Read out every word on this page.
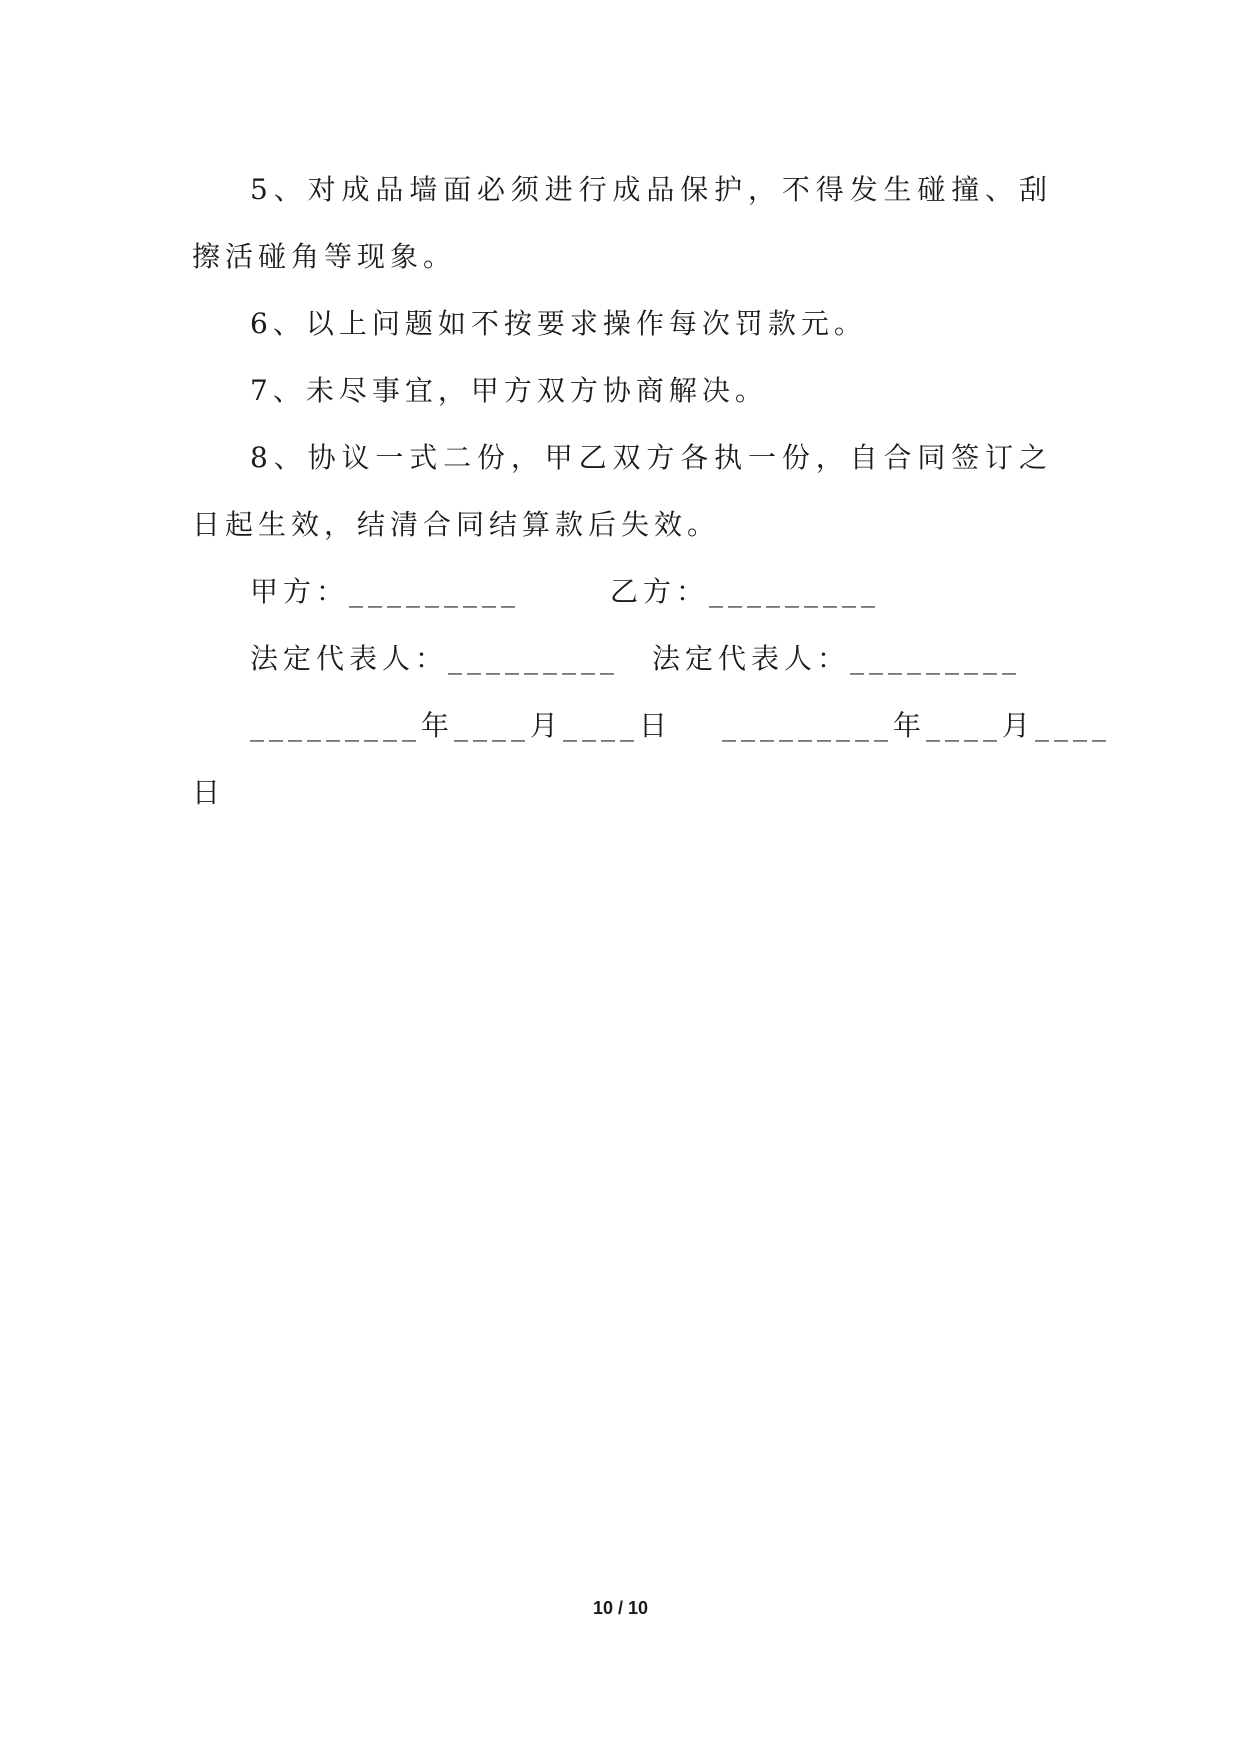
5、对成品墙面必须进行成品保护，不得发生碰撞、刮擦活碰角等现象。

6、以上问题如不按要求操作每次罚款元。

7、未尽事宜，甲方双方协商解决。

8、协议一式二份，甲乙双方各执一份，自合同签订之日起生效，结清合同结算款后失效。

甲方：_________	乙方：_________
法定代表人：_________ 法定代表人：_________
_________年____月____日 _________年____月____
日
10 / 10
